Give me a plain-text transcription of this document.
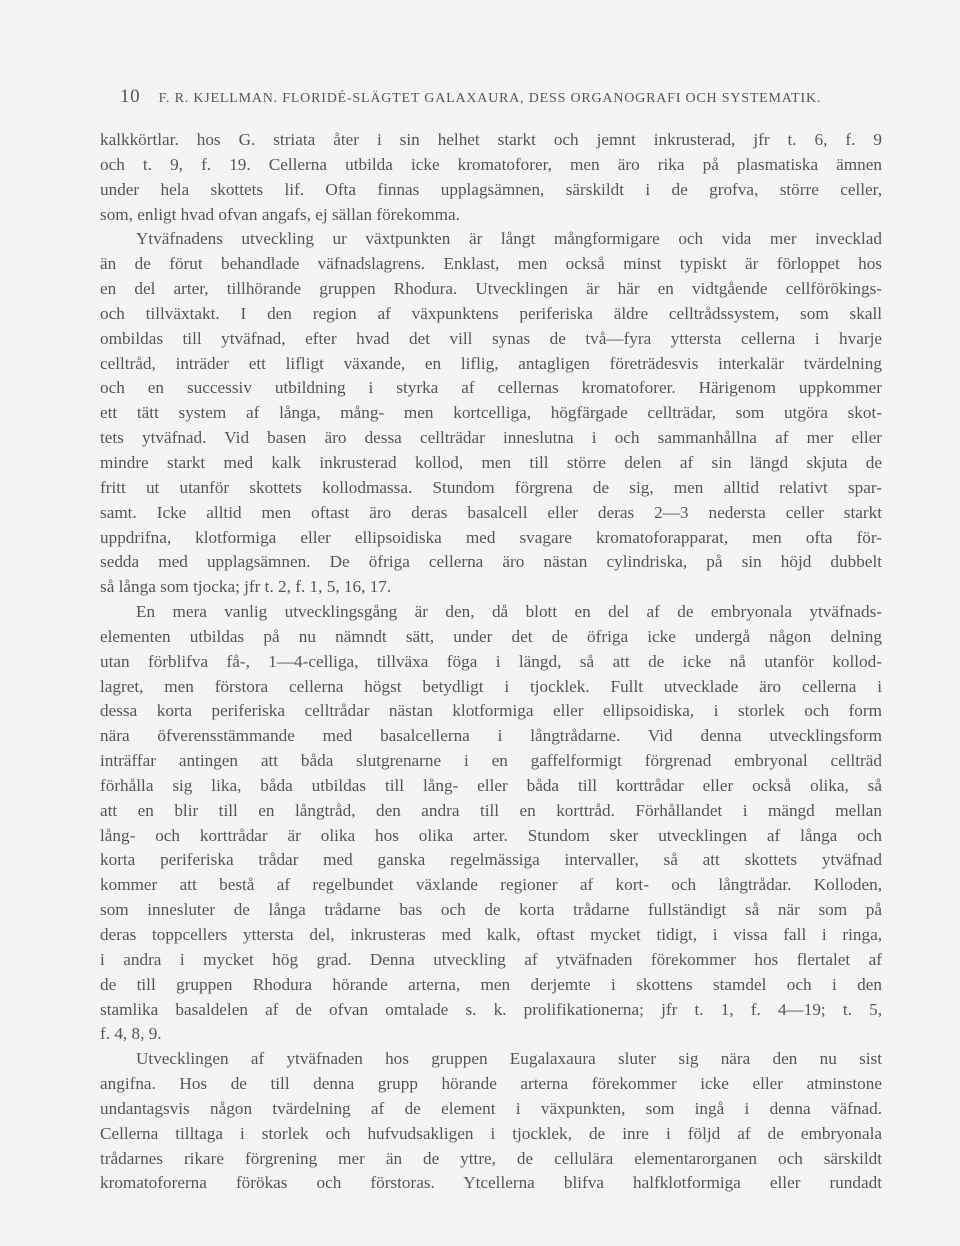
10 F. R. KJELLMAN. FLORIDÉ-SLÄGTET GALAXAURA, DESS ORGANOGRAFI OCH SYSTEMATIK.
kalkkörtlar. hos G. striata åter i sin helhet starkt och jemnt inkrusterad, jfr t. 6, f. 9
och t. 9, f. 19. Cellerna utbilda icke kromatoforer, men äro rika på plasmatiska ämnen
under hela skottets lif. Ofta finnas upplagsämnen, särskildt i de grofva, större celler,
som, enligt hvad ofvan angafs, ej sällan förekomma.
Ytväfnadens utveckling ur växtpunkten är långt mångformigare och vida mer invecklad
än de förut behandlade väfnadslagrens. Enklast, men också minst typiskt är förloppet hos
en del arter, tillhörande gruppen Rhodura. Utvecklingen är här en vidtgående cellförökings-
och tillväxtakt. I den region af växpunktens periferiska äldre celltrådssystem, som skall
ombildas till ytväfnad, efter hvad det vill synas de två—fyra yttersta cellerna i hvarje
celltråd, inträder ett lifligt växande, en liflig, antagligen företrädesvis interkalär tvärdelning
och en successiv utbildning i styrka af cellernas kromatoforer. Härigenom uppkommer
ett tätt system af långa, mång- men kortcelliga, högfärgade cellträdar, som utgöra skot-
tets ytväfnad. Vid basen äro dessa cellträdar inneslutna i och sammanhållna af mer eller
mindre starkt med kalk inkrusterad kollod, men till större delen af sin längd skjuta de
fritt ut utanför skottets kollodmassa. Stundom förgrena de sig, men alltid relativt spar-
samt. Icke alltid men oftast äro deras basalcell eller deras 2—3 nedersta celler starkt
uppdrifna, klotformiga eller ellipsoidiska med svagare kromatoforapparat, men ofta för-
sedda med upplagsämnen. De öfriga cellerna äro nästan cylindriska, på sin höjd dubbelt
så långa som tjocka; jfr t. 2, f. 1, 5, 16, 17.
En mera vanlig utvecklingsgång är den, då blott en del af de embryonala ytväfnads-
elementen utbildas på nu nämndt sätt, under det de öfriga icke undergå någon delning
utan förblifva få-, 1—4-celliga, tillväxa föga i längd, så att de icke nå utanför kollod-
lagret, men förstora cellerna högst betydligt i tjocklek. Fullt utvecklade äro cellerna i
dessa korta periferiska celltrådar nästan klotformiga eller ellipsoidiska, i storlek och form
nära öfverensstämmande med basalcellerna i långtrådarne. Vid denna utvecklingsform
inträffar antingen att båda slutgrenarne i en gaffelformigt förgrenad embryonal cellträd
förhålla sig lika, båda utbildas till lång- eller båda till korttrådar eller också olika, så
att en blir till en långtråd, den andra till en korttråd. Förhållandet i mängd mellan
lång- och korttrådar är olika hos olika arter. Stundom sker utvecklingen af långa och
korta periferiska trådar med ganska regelmässiga intervaller, så att skottets ytväfnad
kommer att bestå af regelbundet växlande regioner af kort- och långtrådar. Kolloden,
som innesluter de långa trådarne bas och de korta trådarne fullständigt så när som på
deras toppcellers yttersta del, inkrusteras med kalk, oftast mycket tidigt, i vissa fall i ringa,
i andra i mycket hög grad. Denna utveckling af ytväfnaden förekommer hos flertalet af
de till gruppen Rhodura hörande arterna, men derjemte i skottens stamdel och i den
stamlika basaldelen af de ofvan omtalade s. k. prolifikationerna; jfr t. 1, f. 4—19; t. 5,
f. 4, 8, 9.
Utvecklingen af ytväfnaden hos gruppen Eugalaxaura sluter sig nära den nu sist
angifna. Hos de till denna grupp hörande arterna förekommer icke eller atminstone
undantagsvis någon tvärdelning af de element i växpunkten, som ingå i denna väfnad.
Cellerna tilltaga i storlek och hufvudsakligen i tjocklek, de inre i följd af de embryonala
trådarnes rikare förgrening mer än de yttre, de cellulära elementarorganen och särskildt
kromatoforerna förökas och förstoras. Ytcellerna blifva halfklotformiga eller rundadt
